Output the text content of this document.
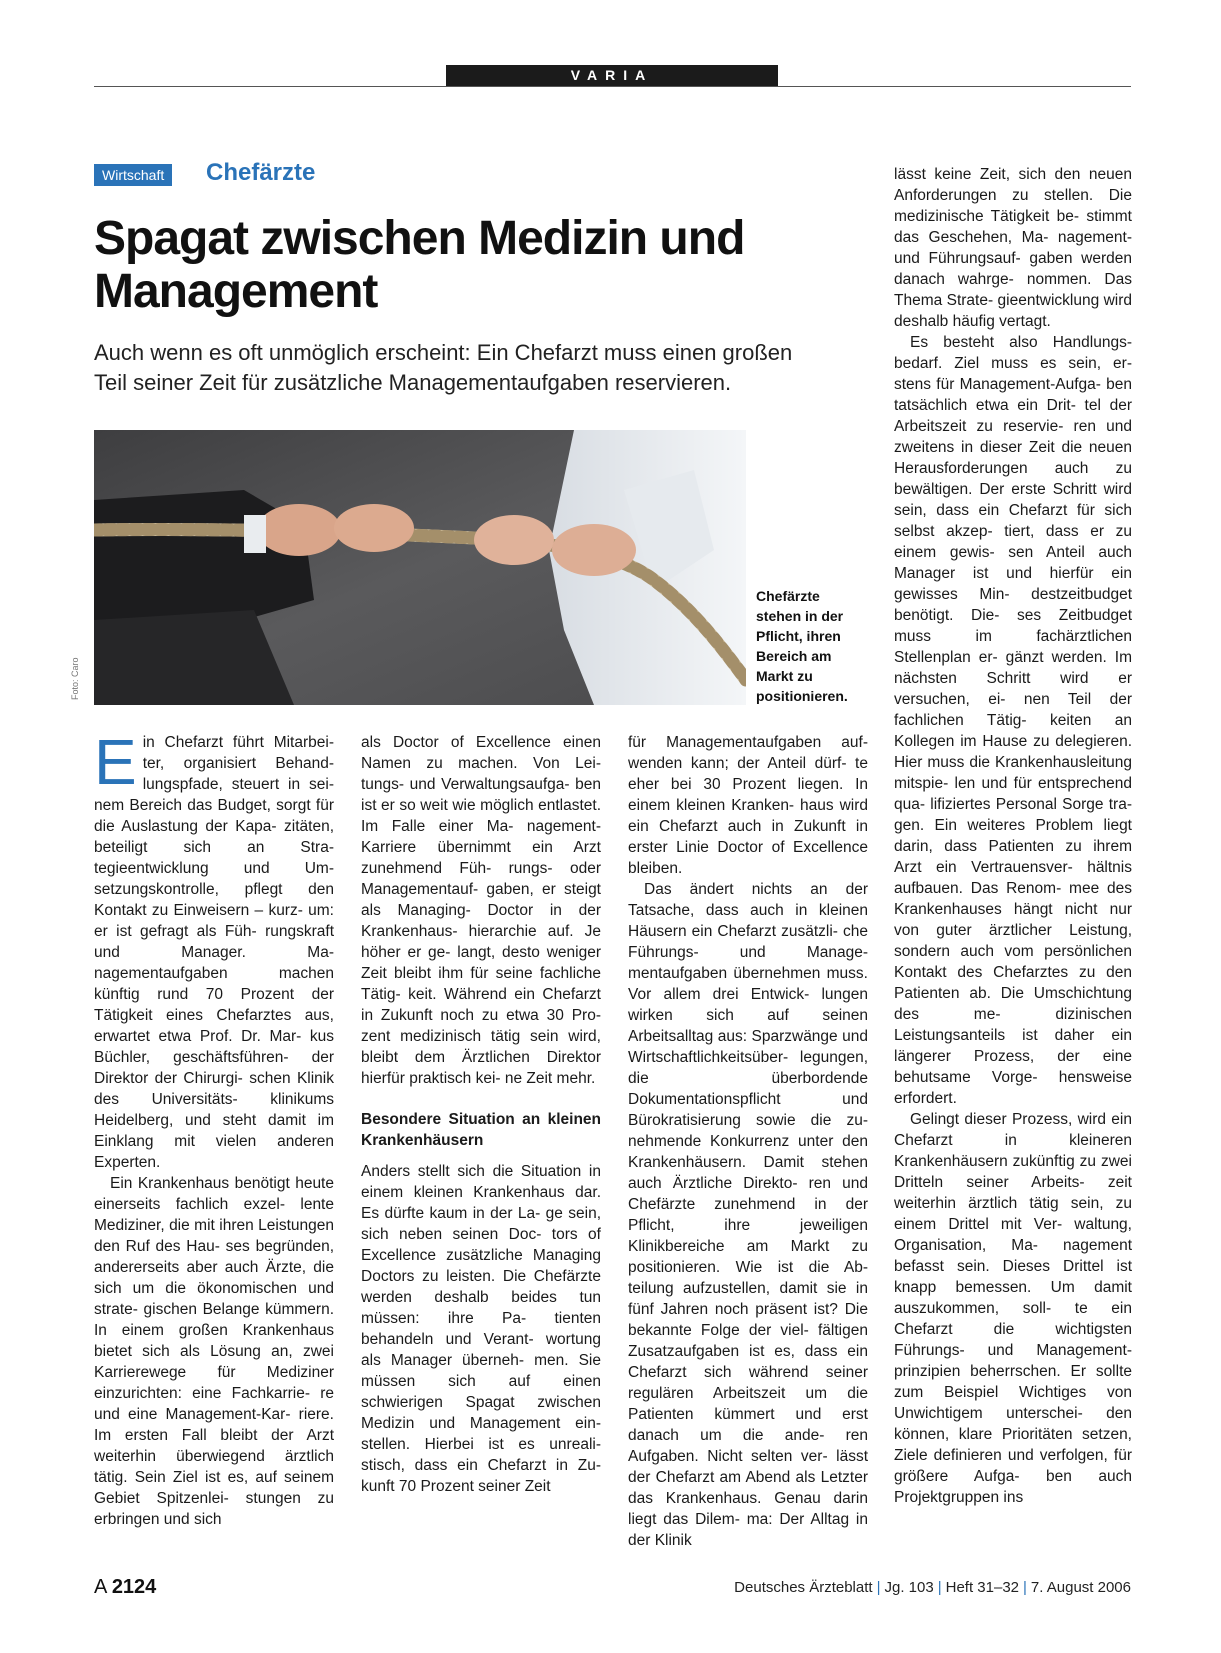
VARIA
Wirtschaft	Chefärzte
Spagat zwischen Medizin und Management
Auch wenn es oft unmöglich erscheint: Ein Chefarzt muss einen großen Teil seiner Zeit für zusätzliche Managementaufgaben reservieren.
Foto: Caro
Chefärzte stehen in der Pflicht, ihren Bereich am Markt zu positionieren.

Ein Chefarzt führt Mitarbei- ter, organisiert Behand- lungspfade, steuert in sei- nem Bereich das Budget, sorgt für die Auslastung der Kapa- zitäten, beteiligt sich an Stra- tegieentwicklung und Um- setzungskontrolle, pflegt den Kontakt zu Einweisern – kurz- um: er ist gefragt als Füh- rungskraft und Manager. Ma- nagementaufgaben machen künftig rund 70 Prozent der Tätigkeit eines Chefarztes aus, erwartet etwa Prof. Dr. Mar- kus Büchler, geschäftsführen- der Direktor der Chirurgi- schen Klinik des Universitäts- klinikums Heidelberg, und steht damit im Einklang mit vielen anderen Experten.

Ein Krankenhaus benötigt heute einerseits fachlich exzel- lente Mediziner, die mit ihren Leistungen den Ruf des Hau- ses begründen, andererseits aber auch Ärzte, die sich um die ökonomischen und strate- gischen Belange kümmern. In einem großen Krankenhaus bietet sich als Lösung an, zwei Karrierewege für Mediziner einzurichten: eine Fachkarrie- re und eine Management-Kar- riere. Im ersten Fall bleibt der Arzt weiterhin überwiegend ärztlich tätig. Sein Ziel ist es, auf seinem Gebiet Spitzenlei- stungen zu erbringen und sich

als Doctor of Excellence einen Namen zu machen. Von Lei- tungs- und Verwaltungsaufga- ben ist er so weit wie möglich entlastet. Im Falle einer Ma- nagement-Karriere übernimmt ein Arzt zunehmend Füh- rungs- oder Managementauf- gaben, er steigt als Managing- Doctor in der Krankenhaus- hierarchie auf. Je höher er ge- langt, desto weniger Zeit bleibt ihm für seine fachliche Tätig- keit. Während ein Chefarzt in Zukunft noch zu etwa 30 Pro- zent medizinisch tätig sein wird, bleibt dem Ärztlichen Direktor hierfür praktisch kei- ne Zeit mehr.

Besondere Situation an kleinen Krankenhäusern

Anders stellt sich die Situation in einem kleinen Krankenhaus dar. Es dürfte kaum in der La- ge sein, sich neben seinen Doc- tors of Excellence zusätzliche Managing Doctors zu leisten. Die Chefärzte werden deshalb beides tun müssen: ihre Pa- tienten behandeln und Verant- wortung als Manager überneh- men. Sie müssen sich auf einen schwierigen Spagat zwischen Medizin und Management ein- stellen. Hierbei ist es unreali- stisch, dass ein Chefarzt in Zu- kunft 70 Prozent seiner Zeit

für Managementaufgaben auf- wenden kann; der Anteil dürf- te eher bei 30 Prozent liegen. In einem kleinen Kranken- haus wird ein Chefarzt auch in Zukunft in erster Linie Doctor of Excellence bleiben.

Das ändert nichts an der Tatsache, dass auch in kleinen Häusern ein Chefarzt zusätzli- che Führungs- und Manage- mentaufgaben übernehmen muss. Vor allem drei Entwick- lungen wirken sich auf seinen Arbeitsalltag aus: Sparzwänge und Wirtschaftlichkeitsüber- legungen, die überbordende Dokumentationspflicht und Bürokratisierung sowie die zu- nehmende Konkurrenz unter den Krankenhäusern. Damit stehen auch Ärztliche Direkto- ren und Chefärzte zunehmend in der Pflicht, ihre jeweiligen Klinikbereiche am Markt zu positionieren. Wie ist die Ab- teilung aufzustellen, damit sie in fünf Jahren noch präsent ist? Die bekannte Folge der viel- fältigen Zusatzaufgaben ist es, dass ein Chefarzt sich während seiner regulären Arbeitszeit um die Patienten kümmert und erst danach um die ande- ren Aufgaben. Nicht selten ver- lässt der Chefarzt am Abend als Letzter das Krankenhaus. Genau darin liegt das Dilem- ma: Der Alltag in der Klinik

lässt keine Zeit, sich den neuen Anforderungen zu stellen. Die medizinische Tätigkeit be- stimmt das Geschehen, Ma- nagement- und Führungsauf- gaben werden danach wahrge- nommen. Das Thema Strate- gieentwicklung wird deshalb häufig vertagt.

Es besteht also Handlungs- bedarf. Ziel muss es sein, er- stens für Management-Aufga- ben tatsächlich etwa ein Drit- tel der Arbeitszeit zu reservie- ren und zweitens in dieser Zeit die neuen Herausforderungen auch zu bewältigen. Der erste Schritt wird sein, dass ein Chefarzt für sich selbst akzep- tiert, dass er zu einem gewis- sen Anteil auch Manager ist und hierfür ein gewisses Min- destzeitbudget benötigt. Die- ses Zeitbudget muss im fachärztlichen Stellenplan er- gänzt werden. Im nächsten Schritt wird er versuchen, ei- nen Teil der fachlichen Tätig- keiten an Kollegen im Hause zu delegieren. Hier muss die Krankenhausleitung mitspie- len und für entsprechend qua- lifiziertes Personal Sorge tra- gen. Ein weiteres Problem liegt darin, dass Patienten zu ihrem Arzt ein Vertrauensver- hältnis aufbauen. Das Renom- mee des Krankenhauses hängt nicht nur von guter ärztlicher Leistung, sondern auch vom persönlichen Kontakt des Chefarztes zu den Patienten ab. Die Umschichtung des me- dizinischen Leistungsanteils ist daher ein längerer Prozess, der eine behutsame Vorge- hensweise erfordert.

Gelingt dieser Prozess, wird ein Chefarzt in kleineren Krankenhäusern zukünftig zu zwei Dritteln seiner Arbeits- zeit weiterhin ärztlich tätig sein, zu einem Drittel mit Ver- waltung, Organisation, Ma- nagement befasst sein. Dieses Drittel ist knapp bemessen. Um damit auszukommen, soll- te ein Chefarzt die wichtigsten Führungs- und Management- prinzipien beherrschen. Er sollte zum Beispiel Wichtiges von Unwichtigem unterschei- den können, klare Prioritäten setzen, Ziele definieren und verfolgen, für größere Aufga- ben auch Projektgruppen ins

A 2124	Deutsches Ärzteblatt | Jg. 103 | Heft 31–32 | 7. August 2006
